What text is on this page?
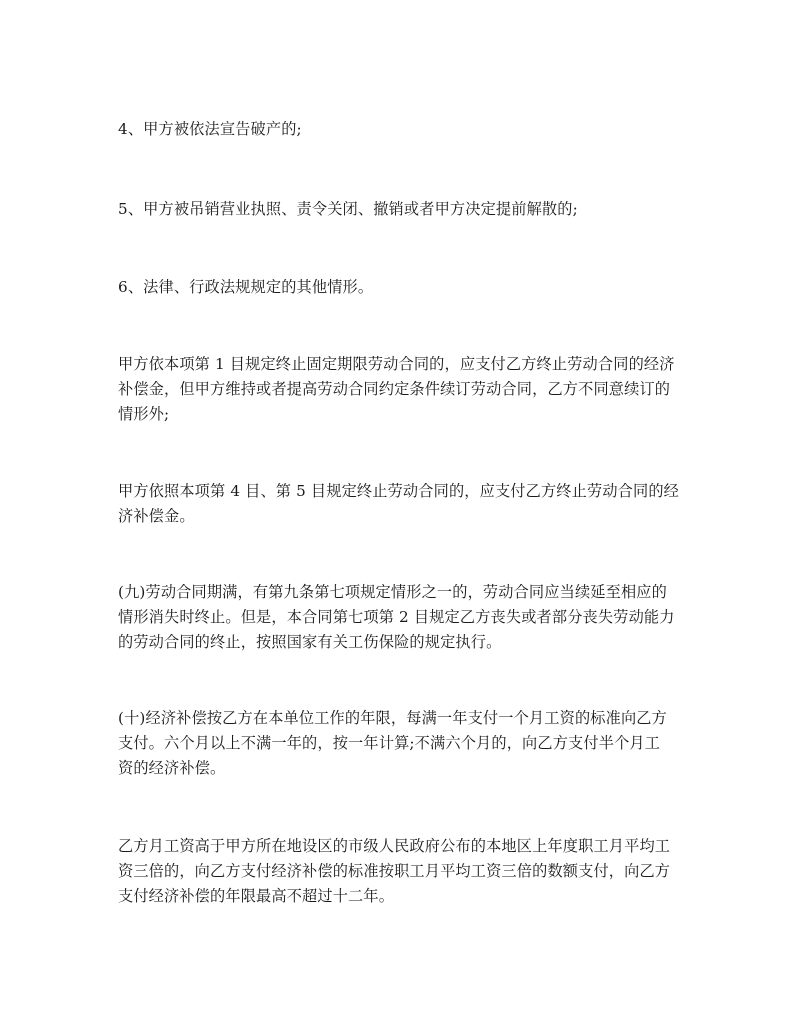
4、甲方被依法宣告破产的;

5、甲方被吊销营业执照、责令关闭、撤销或者甲方决定提前解散的;

6、法律、行政法规规定的其他情形。

甲方依本项第 1 目规定终止固定期限劳动合同的，应支付乙方终止劳动合同的经济
补偿金，但甲方维持或者提高劳动合同约定条件续订劳动合同，乙方不同意续订的
情形外;

甲方依照本项第 4 目、第 5 目规定终止劳动合同的，应支付乙方终止劳动合同的经
济补偿金。

(九)劳动合同期满，有第九条第七项规定情形之一的，劳动合同应当续延至相应的
情形消失时终止。但是，本合同第七项第 2 目规定乙方丧失或者部分丧失劳动能力
的劳动合同的终止，按照国家有关工伤保险的规定执行。

(十)经济补偿按乙方在本单位工作的年限，每满一年支付一个月工资的标准向乙方
支付。六个月以上不满一年的，按一年计算;不满六个月的，向乙方支付半个月工
资的经济补偿。

乙方月工资高于甲方所在地设区的市级人民政府公布的本地区上年度职工月平均工
资三倍的，向乙方支付经济补偿的标准按职工月平均工资三倍的数额支付，向乙方
支付经济补偿的年限最高不超过十二年。
